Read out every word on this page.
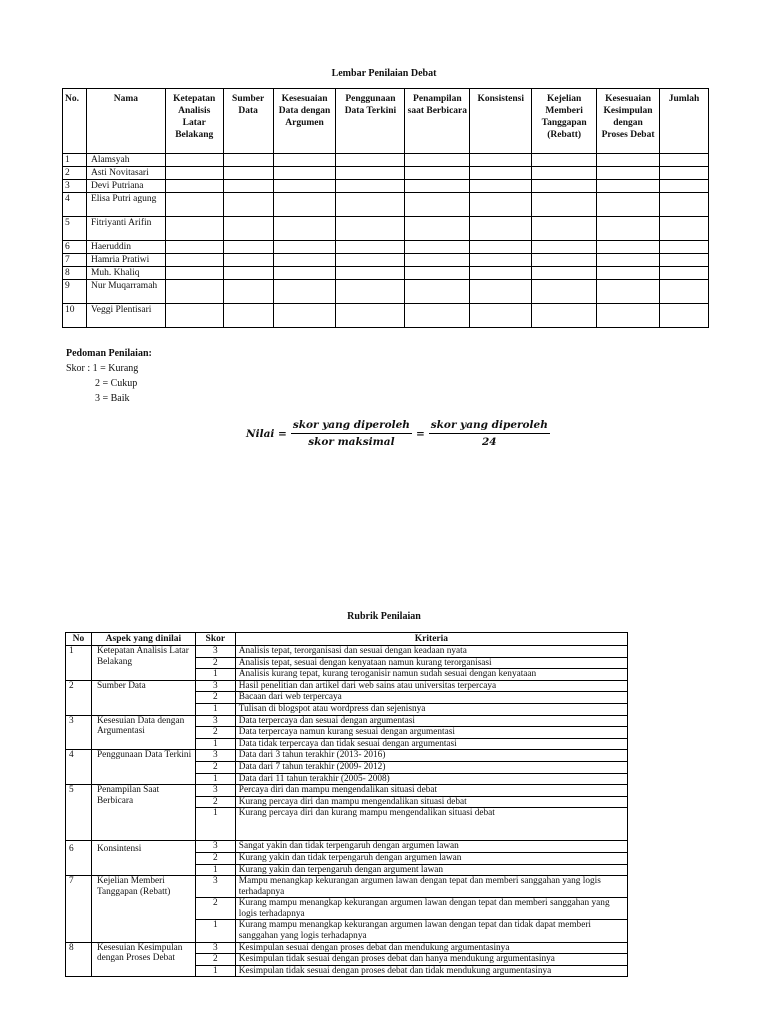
Lembar Penilaian Debat
No.	Nama	Ketepatan Analisis Latar Belakang	Sumber Data	Kesesuaian Data dengan Argumen	Penggunaan Data Terkini	Penampilan saat Berbicara	Konsistensi	Kejelian Memberi Tanggapan (Rebatt)	Kesesuaian Kesimpulan dengan Proses Debat	Jumlah
1	Alamsyah									
2	Asti Novitasari									
3	Devi Putriana									
4	Elisa Putri agung									
5	Fitriyanti Arifin									
6	Haeruddin									
7	Hamria Pratiwi									
8	Muh. Khaliq									
9	Nur Muqarramah									
10	Veggi Plentisari									
Pedoman Penilaian:
Skor : 1 = Kurang
2 = Cukup
3 = Baik
Nilai = $\frac{\text{skor yang diperoleh}}{\text{skor maksimal}} = \frac{\text{skor yang diperoleh}}{24}$
Rubrik Penilaian
No	Aspek yang dinilai	Skor	Kriteria
1	Ketepatan Analisis Latar Belakang	3	Analisis tepat, terorganisasi dan sesuai dengan keadaan nyata
		2	Analisis tepat, sesuai dengan kenyataan namun kurang terorganisasi
		1	Analisis kurang tepat, kurang teroganisir namun sudah sesuai dengan kenyataan
2	Sumber Data	3	Hasil penelitian dan artikel dari web sains atau universitas terpercaya
		2	Bacaan dari web terpercaya
		1	Tulisan di blogspot atau wordpress dan sejenisnya
3	Kesesuian Data dengan Argumentasi	3	Data terpercaya dan sesuai dengan argumentasi
		2	Data terpercaya namun kurang sesuai dengan argumentasi
		1	Data tidak terpercaya dan tidak sesuai dengan argumentasi
4	Penggunaan Data Terkini	3	Data dari 3 tahun terakhir (2013- 2016)
		2	Data dari 7 tahun terakhir (2009- 2012)
		1	Data dari 11 tahun terakhir (2005- 2008)
5	Penampilan Saat Berbicara	3	Percaya diri dan mampu mengendalikan situasi debat
		2	Kurang percaya diri dan mampu mengendalikan situasi debat
		1	Kurang percaya diri dan kurang mampu mengendalikan situasi debat
6	Konsintensi	3	Sangat yakin dan tidak terpengaruh dengan argumen lawan
		2	Kurang yakin dan tidak terpengaruh dengan argumen lawan
		1	Kurang yakin dan terpengaruh dengan argument lawan
7	Kejelian Memberi Tanggapan (Rebatt)	3	Mampu menangkap kekurangan argumen lawan dengan tepat dan memberi sanggahan yang logis terhadapnya
		2	Kurang mampu menangkap kekurangan argumen lawan dengan tepat dan memberi sanggahan yang logis terhadapnya
		1	Kurang mampu menangkap kekurangan argumen lawan dengan tepat dan tidak dapat memberi sanggahan yang logis terhadapnya
8	Kesesuian Kesimpulan dengan Proses Debat	3	Kesimpulan sesuai dengan proses debat dan mendukung argumentasinya
		2	Kesimpulan tidak sesuai dengan proses debat dan hanya mendukung argumentasinya
		1	Kesimpulan tidak sesuai dengan proses debat dan tidak mendukung argumentasinya
